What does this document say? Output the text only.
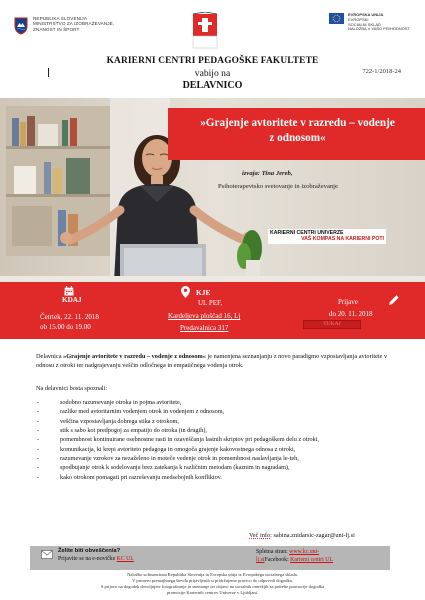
REPUBLIKA SLOVENIJA
MINISTRSTVO ZA IZOBRAŽEVANJE,
ZNANOST IN ŠPORT
EVROPSKA UNIJA
EVROPSKI
SOCIALNI SKLAD
NALOŽBA V VAŠO PRIHODNOST
KARIERNI CENTRI PEDAGOŠKE FAKULTETE
vabijo na	722-1/2018-24
DELAVNICO
»Grajenje avtoritete v razredu – vodenje
z odnosom«
izvaja: Tina Jereb,
Psihoterapevtsko svetovanje in izobraževanje
KARIERNI CENTRI UNIVERZE
VAŠ KOMPAS NA KARIERNI POTI
KDAJ
Četrtek, 22. 11. 2018
ob 15.00 do 19.00
KJE
UL PEF,
Kardeljeva ploščad 16, Lj
Predavalnica 317
Prijave
do 20. 11. 2018
TUKAJ
Delavnica »Grajenje avtoritete v razredu – vodenje z odnosom« je namenjena seznanjanju z novo paradigmo vzpostavljanja avtoritete v odnosu z otroki ter nadgrajevanju veščin odločnega in empatičnega vodenja otrok.
Na delavnici bosta spoznali:
- sodobno razumevanje otroka in pojma avtoritete,
- razlike med avtoritarnim vodenjem otrok in vodenjem z odnosom,
- veščina vzpostavljanja dobrega stika z otrokom,
- stik s sabo kot predpogoj za empatijo do otroka (in drugih),
- pomembnost kontinuirane osebnostne rasti in ozaveščanja lastnih skriptov pri pedagoškem delu z otroki,
- komunikacija, ki krepi avtoriteto pedagoga in omogoča grajenje kakovostnega odnosa z otroki,
- razumevanje vzrokov za nezaželeno in moteče vedenje otrok in pomembnost naslavljanja le-teh,
- spodbujanje otrok k sodelovanju brez zatekanja k različnim metodam (kaznim in nagradam),
- kako otrokom pomagati pri razreševanju medsebojnih konfliktov.
Več info: sabina.znidarsic-zagar@uni-lj.si
Želite biti obveščen/a?
Prijavite se na e-novičke KC UL
Spletna stran: www.kc.uni-
lj.siFacebook: Kariemi centri UL
Naložbo sofinancirata Republika Slovenija in Evropska unija iz Evropskega socialnega sklada.
V primeru premajhnega števila prijavljenih si pridržujemo pravico do odpovedi dogodka.
S prijavo na dogodek dovoljujete fotografiranje in snemanje ter objavo na socialnih omrežjih za potrebe promocije dogodka
promocije Kariernih centrov Univerze v Ljubljani.
